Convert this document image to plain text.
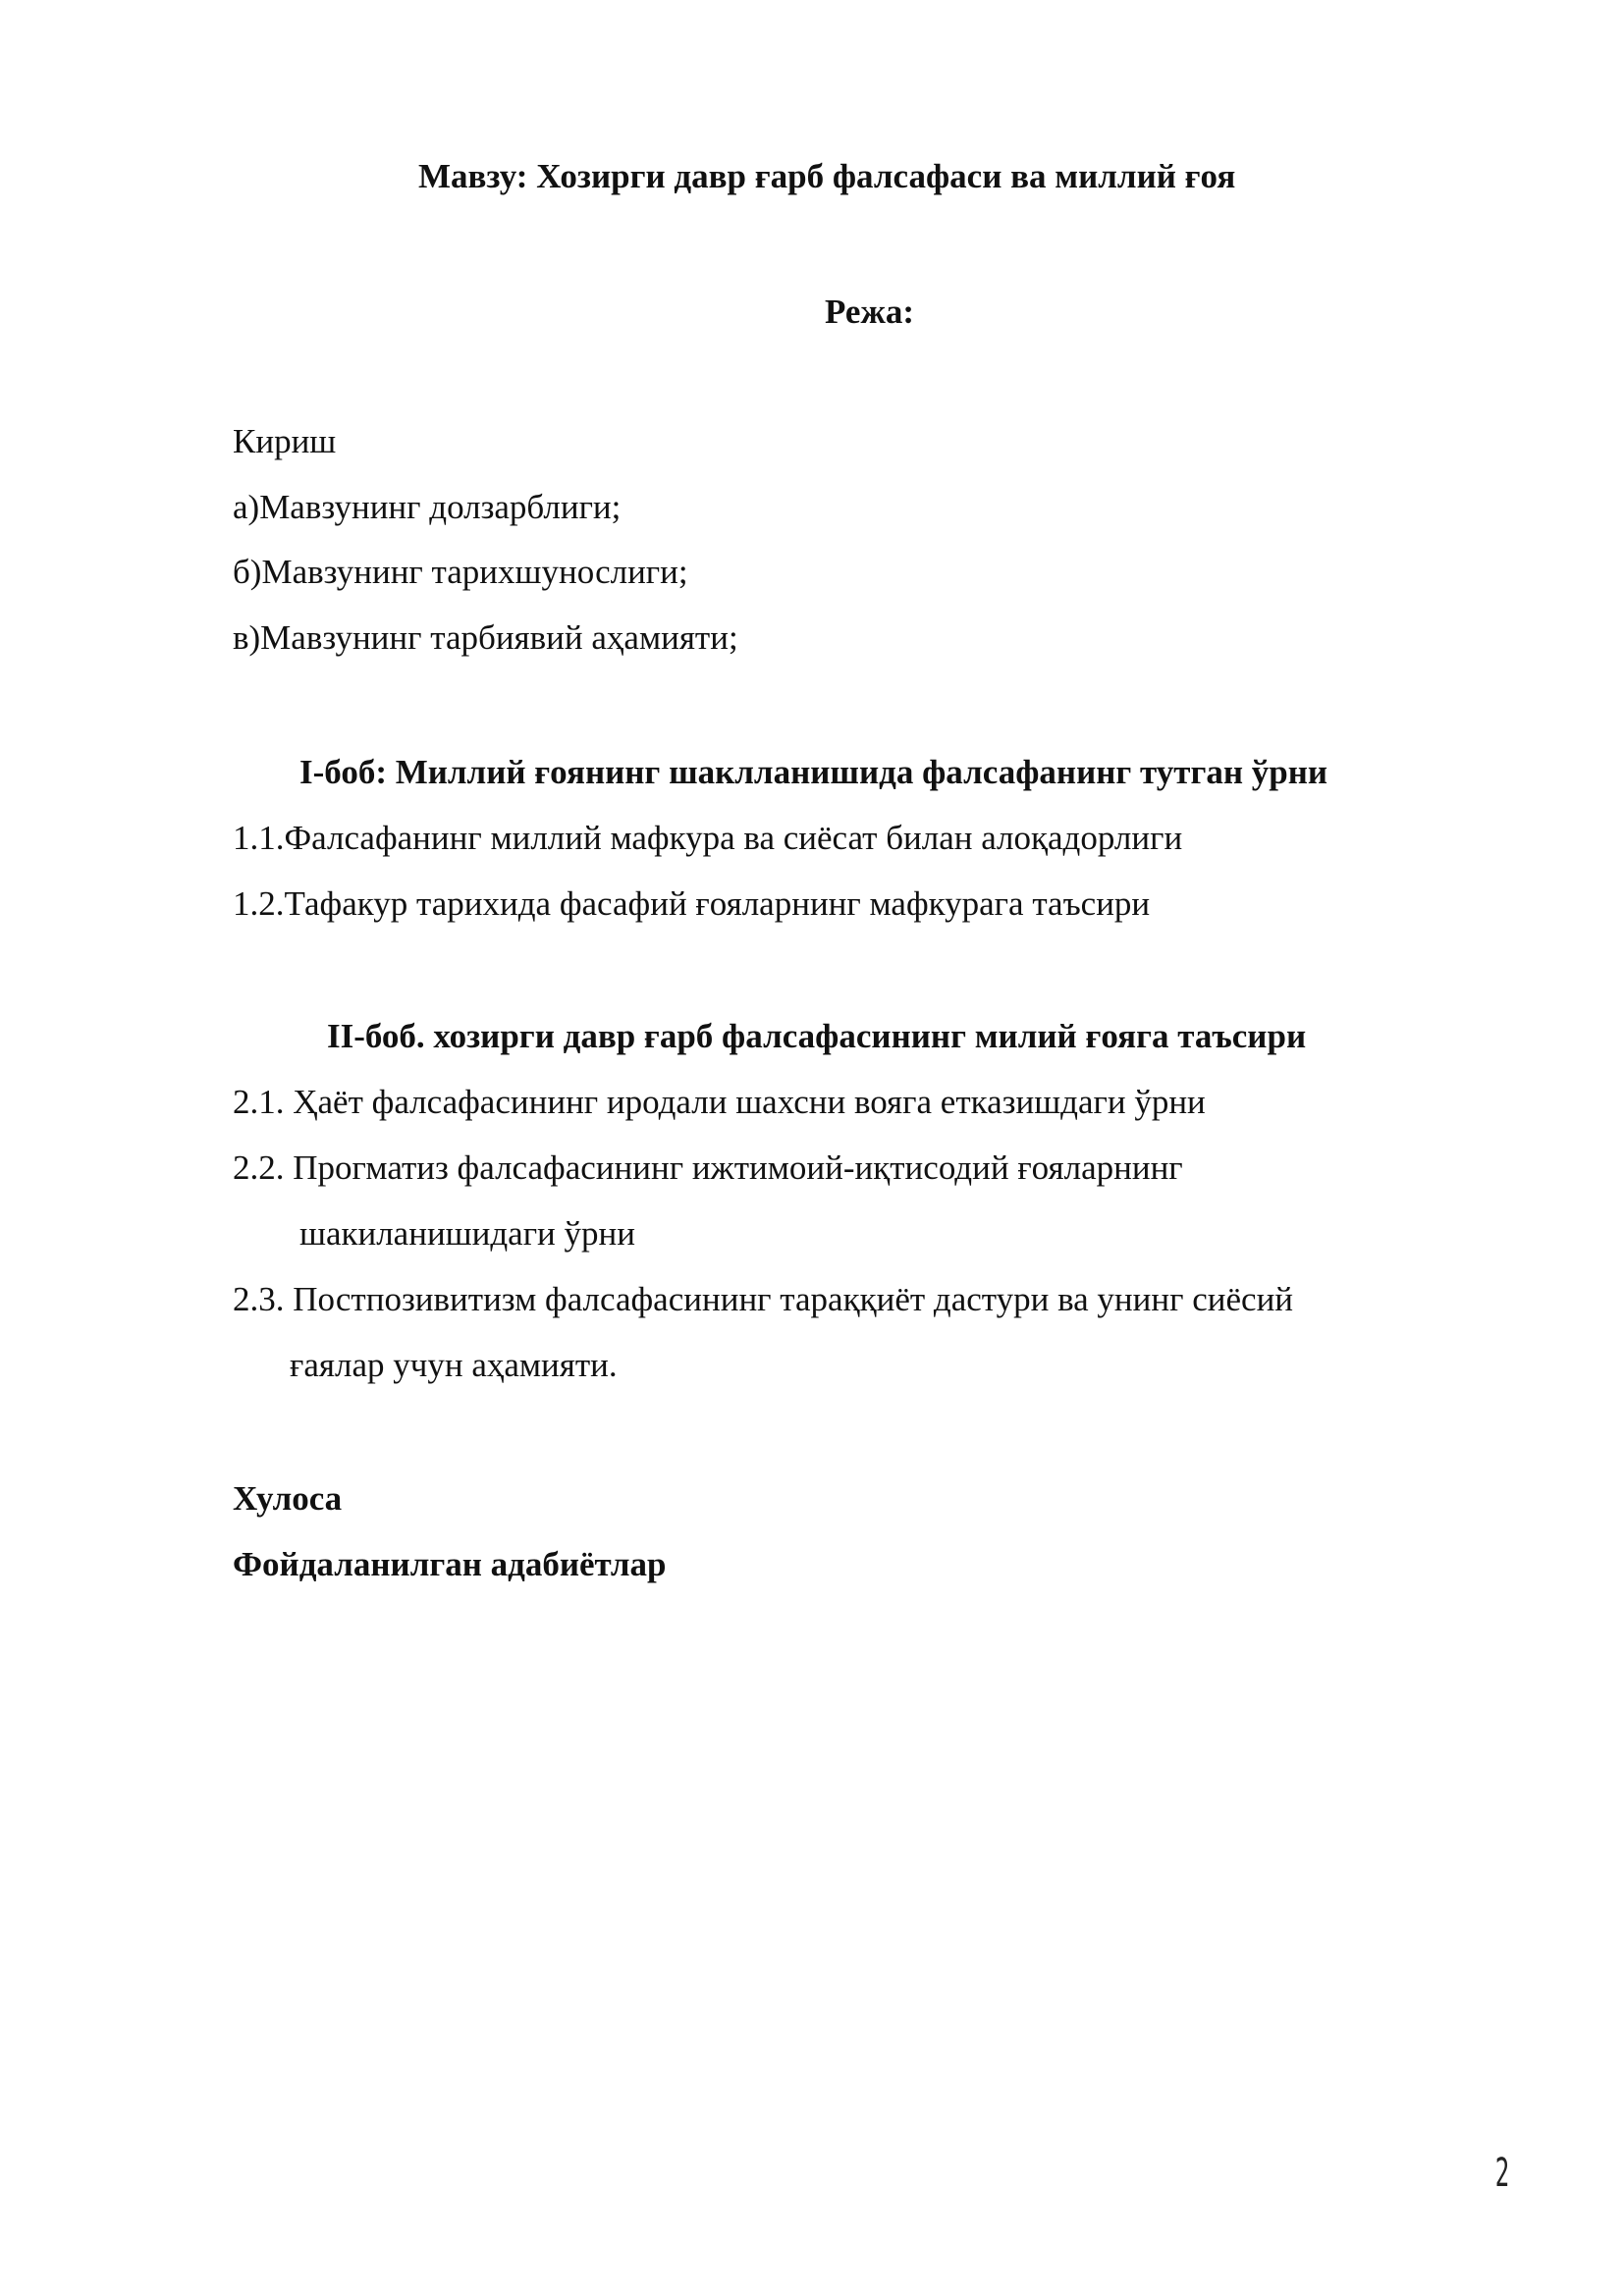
Мавзу: Хозирги давр ғарб фалсафаси ва миллий ғоя
Режа:
Кириш
а)Мавзунинг долзарблиги;
б)Мавзунинг тарихшунослиги;
в)Мавзунинг тарбиявий аҳамияти;
I-боб: Миллий ғоянинг шаклланишида фалсафанинг тутган ўрни
1.1.Фалсафанинг миллий мафкура ва сиёсат билан алоқадорлиги
1.2.Тафакур тарихида фасафий ғояларнинг мафкурага таъсири
II-боб. хозирги давр ғарб фалсафасининг милий ғояга таъсири
2.1. Ҳаёт фалсафасининг иродали шахсни вояга етказишдаги ўрни
2.2. Прогматиз фалсафасининг ижтимоий-иқтисодий ғояларнинг
шакиланишидаги ўрни
2.3. Постпозивитизм фалсафасининг тараққиёт дастури ва унинг сиёсий
ғаялар учун аҳамияти.
Хулоса
Фойдаланилган адабиётлар
2
